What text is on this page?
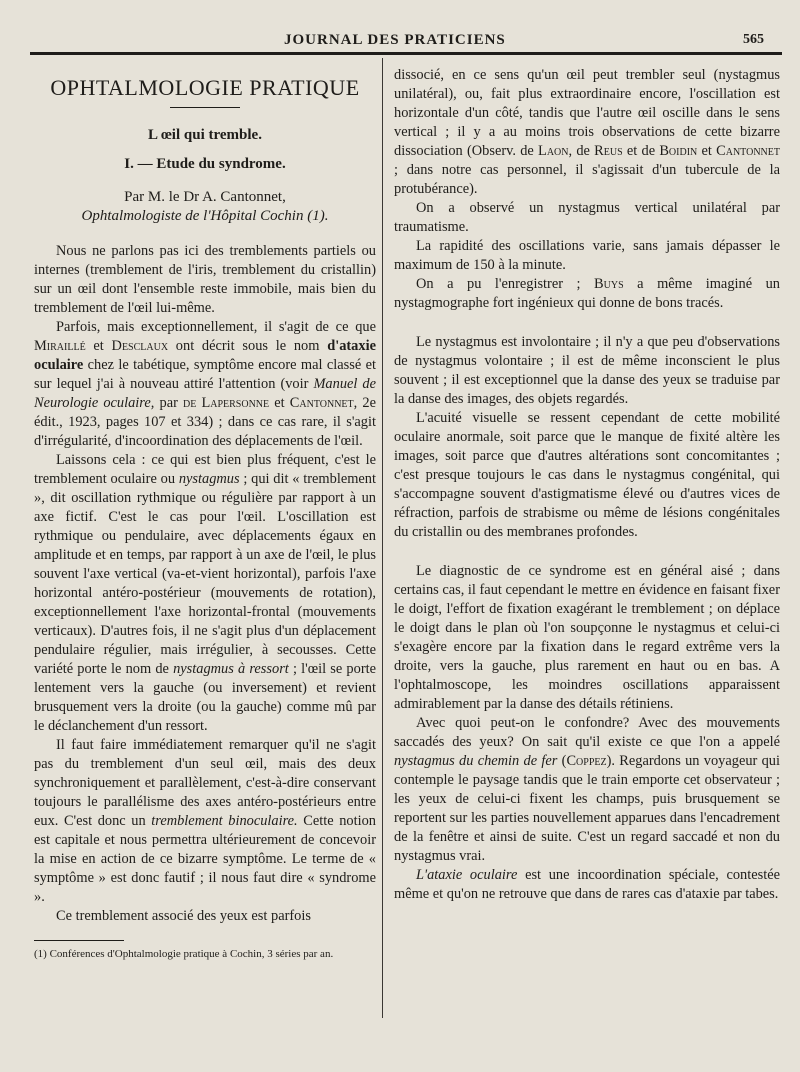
JOURNAL DES PRATICIENS	565
OPHTALMOLOGIE PRATIQUE
L œil qui tremble.
I. — Etude du syndrome.
Par M. le Dr A. Cantonnet,
Ophtalmologiste de l'Hôpital Cochin (1).

Nous ne parlons pas ici des tremblements partiels ou internes (tremblement de l'iris, tremblement du cristallin) sur un œil dont l'ensemble reste immobile, mais bien du tremblement de l'œil lui-même.

Parfois, mais exceptionnellement, il s'agit de ce que Miraillé et Desclaux ont décrit sous le nom d'ataxie oculaire chez le tabétique, symptôme encore mal classé et sur lequel j'ai à nouveau attiré l'attention (voir Manuel de Neurologie oculaire, par de Lapersonne et Cantonnet, 2e édit., 1923, pages 107 et 334) ; dans ce cas rare, il s'agit d'irrégularité, d'incoordination des déplacements de l'œil.

Laissons cela : ce qui est bien plus fréquent, c'est le tremblement oculaire ou nystagmus ; qui dit « tremblement », dit oscillation rythmique ou régulière par rapport à un axe fictif. C'est le cas pour l'œil. L'oscillation est rythmique ou pendulaire, avec déplacements égaux en amplitude et en temps, par rapport à un axe de l'œil, le plus souvent l'axe vertical (va-et-vient horizontal), parfois l'axe horizontal antéro-postérieur (mouvements de rotation), exceptionnellement l'axe horizontal-frontal (mouvements verticaux). D'autres fois, il ne s'agit plus d'un déplacement pendulaire régulier, mais irrégulier, à secousses. Cette variété porte le nom de nystagmus à ressort ; l'œil se porte lentement vers la gauche (ou inversement) et revient brusquement vers la droite (ou la gauche) comme mû par le déclanchement d'un ressort.

Il faut faire immédiatement remarquer qu'il ne s'agit pas du tremblement d'un seul œil, mais des deux synchroniquement et parallèlement, c'est-à-dire conservant toujours le parallélisme des axes antéro-postérieurs entre eux. C'est donc un tremblement binoculaire. Cette notion est capitale et nous permettra ultérieurement de concevoir la mise en action de ce bizarre symptôme. Le terme de « symptôme » est donc fautif ; il nous faut dire « syndrome ».

Ce tremblement associé des yeux est parfois

(1) Conférences d'Ophtalmologie pratique à Cochin, 3 séries par an.

dissocié, en ce sens qu'un œil peut trembler seul (nystagmus unilatéral), ou, fait plus extraordinaire encore, l'oscillation est horizontale d'un côté, tandis que l'autre œil oscille dans le sens vertical ; il y a au moins trois observations de cette bizarre dissociation (Observ. de Laon, de Reus et de Boidin et Cantonnet ; dans notre cas personnel, il s'agissait d'un tubercule de la protubérance).

On a observé un nystagmus vertical unilatéral par traumatisme.

La rapidité des oscillations varie, sans jamais dépasser le maximum de 150 à la minute.

On a pu l'enregistrer ; Buys a même imaginé un nystagmographe fort ingénieux qui donne de bons tracés.

Le nystagmus est involontaire ; il n'y a que peu d'observations de nystagmus volontaire ; il est de même inconscient le plus souvent ; il est exceptionnel que la danse des yeux se traduise par la danse des images, des objets regardés.

L'acuité visuelle se ressent cependant de cette mobilité oculaire anormale, soit parce que le manque de fixité altère les images, soit parce que d'autres altérations sont concomitantes ; c'est presque toujours le cas dans le nystagmus congénital, qui s'accompagne souvent d'astigmatisme élevé ou d'autres vices de réfraction, parfois de strabisme ou même de lésions congénitales du cristallin ou des membranes profondes.

Le diagnostic de ce syndrome est en général aisé ; dans certains cas, il faut cependant le mettre en évidence en faisant fixer le doigt, l'effort de fixation exagérant le tremblement ; on déplace le doigt dans le plan où l'on soupçonne le nystagmus et celui-ci s'exagère encore par la fixation dans le regard extrême vers la droite, vers la gauche, plus rarement en haut ou en bas. A l'ophtalmoscope, les moindres oscillations apparaissent admirablement par la danse des détails rétiniens.

Avec quoi peut-on le confondre? Avec des mouvements saccadés des yeux? On sait qu'il existe ce que l'on a appelé nystagmus du chemin de fer (Coppez). Regardons un voyageur qui contemple le paysage tandis que le train emporte cet observateur ; les yeux de celui-ci fixent les champs, puis brusquement se reportent sur les parties nouvellement apparues dans l'encadrement de la fenêtre et ainsi de suite. C'est un regard saccadé et non du nystagmus vrai.

L'ataxie oculaire est une incoordination spéciale, contestée même et qu'on ne retrouve que dans de rares cas d'ataxie par tabes.
